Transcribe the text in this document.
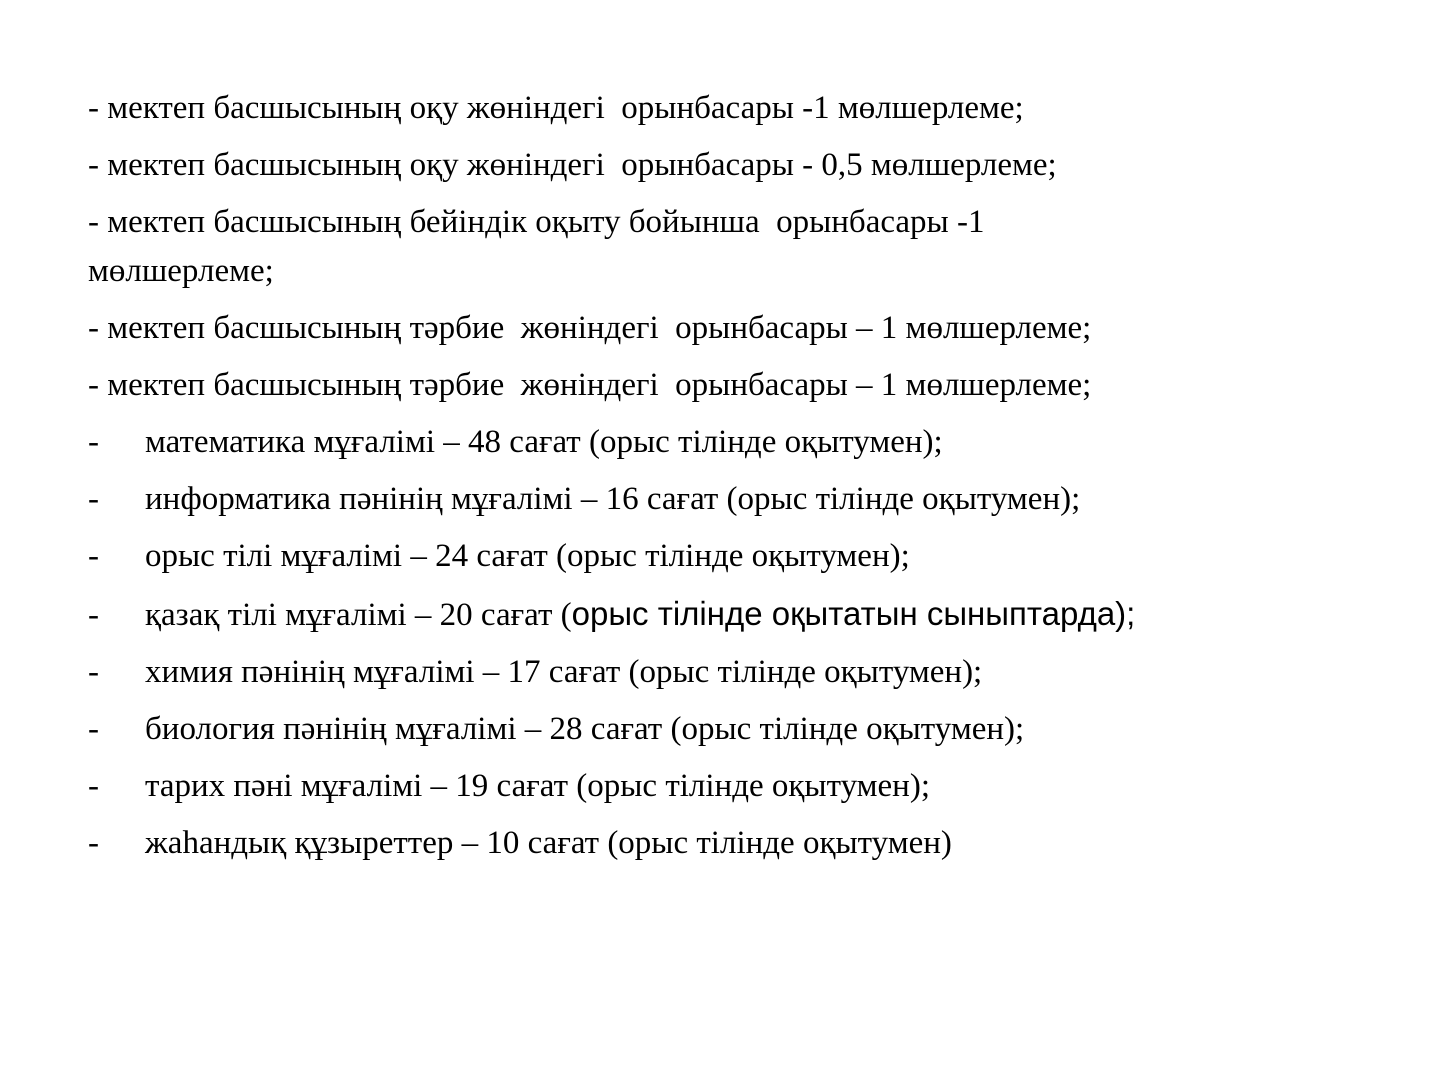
- мектеп басшысының оқу жөніндегі  орынбасары -1 мөлшерлеме;
- мектеп басшысының оқу жөніндегі  орынбасары - 0,5 мөлшерлеме;
- мектеп басшысының бейіндік оқыту бойынша  орынбасары -1
мөлшерлеме;
- мектеп басшысының тәрбие  жөніндегі  орынбасары – 1 мөлшерлеме;
- мектеп басшысының тәрбие  жөніндегі  орынбасары – 1 мөлшерлеме;
-	математика мұғалімі – 48 сағат (орыс тілінде оқытумен);
-	информатика пәнінің мұғалімі – 16 сағат (орыс тілінде оқытумен);
-	орыс тілі мұғалімі – 24 сағат (орыс тілінде оқытумен);
-	қазақ тілі мұғалімі – 20 сағат (орыс тілінде оқытатын сыныптарда);
-	химия пәнінің мұғалімі – 17 сағат (орыс тілінде оқытумен);
-	биология пәнінің мұғалімі – 28 сағат (орыс тілінде оқытумен);
-	тарих пәні мұғалімі – 19 сағат (орыс тілінде оқытумен);
-	жаһандық құзыреттер – 10 сағат (орыс тілінде оқытумен)
